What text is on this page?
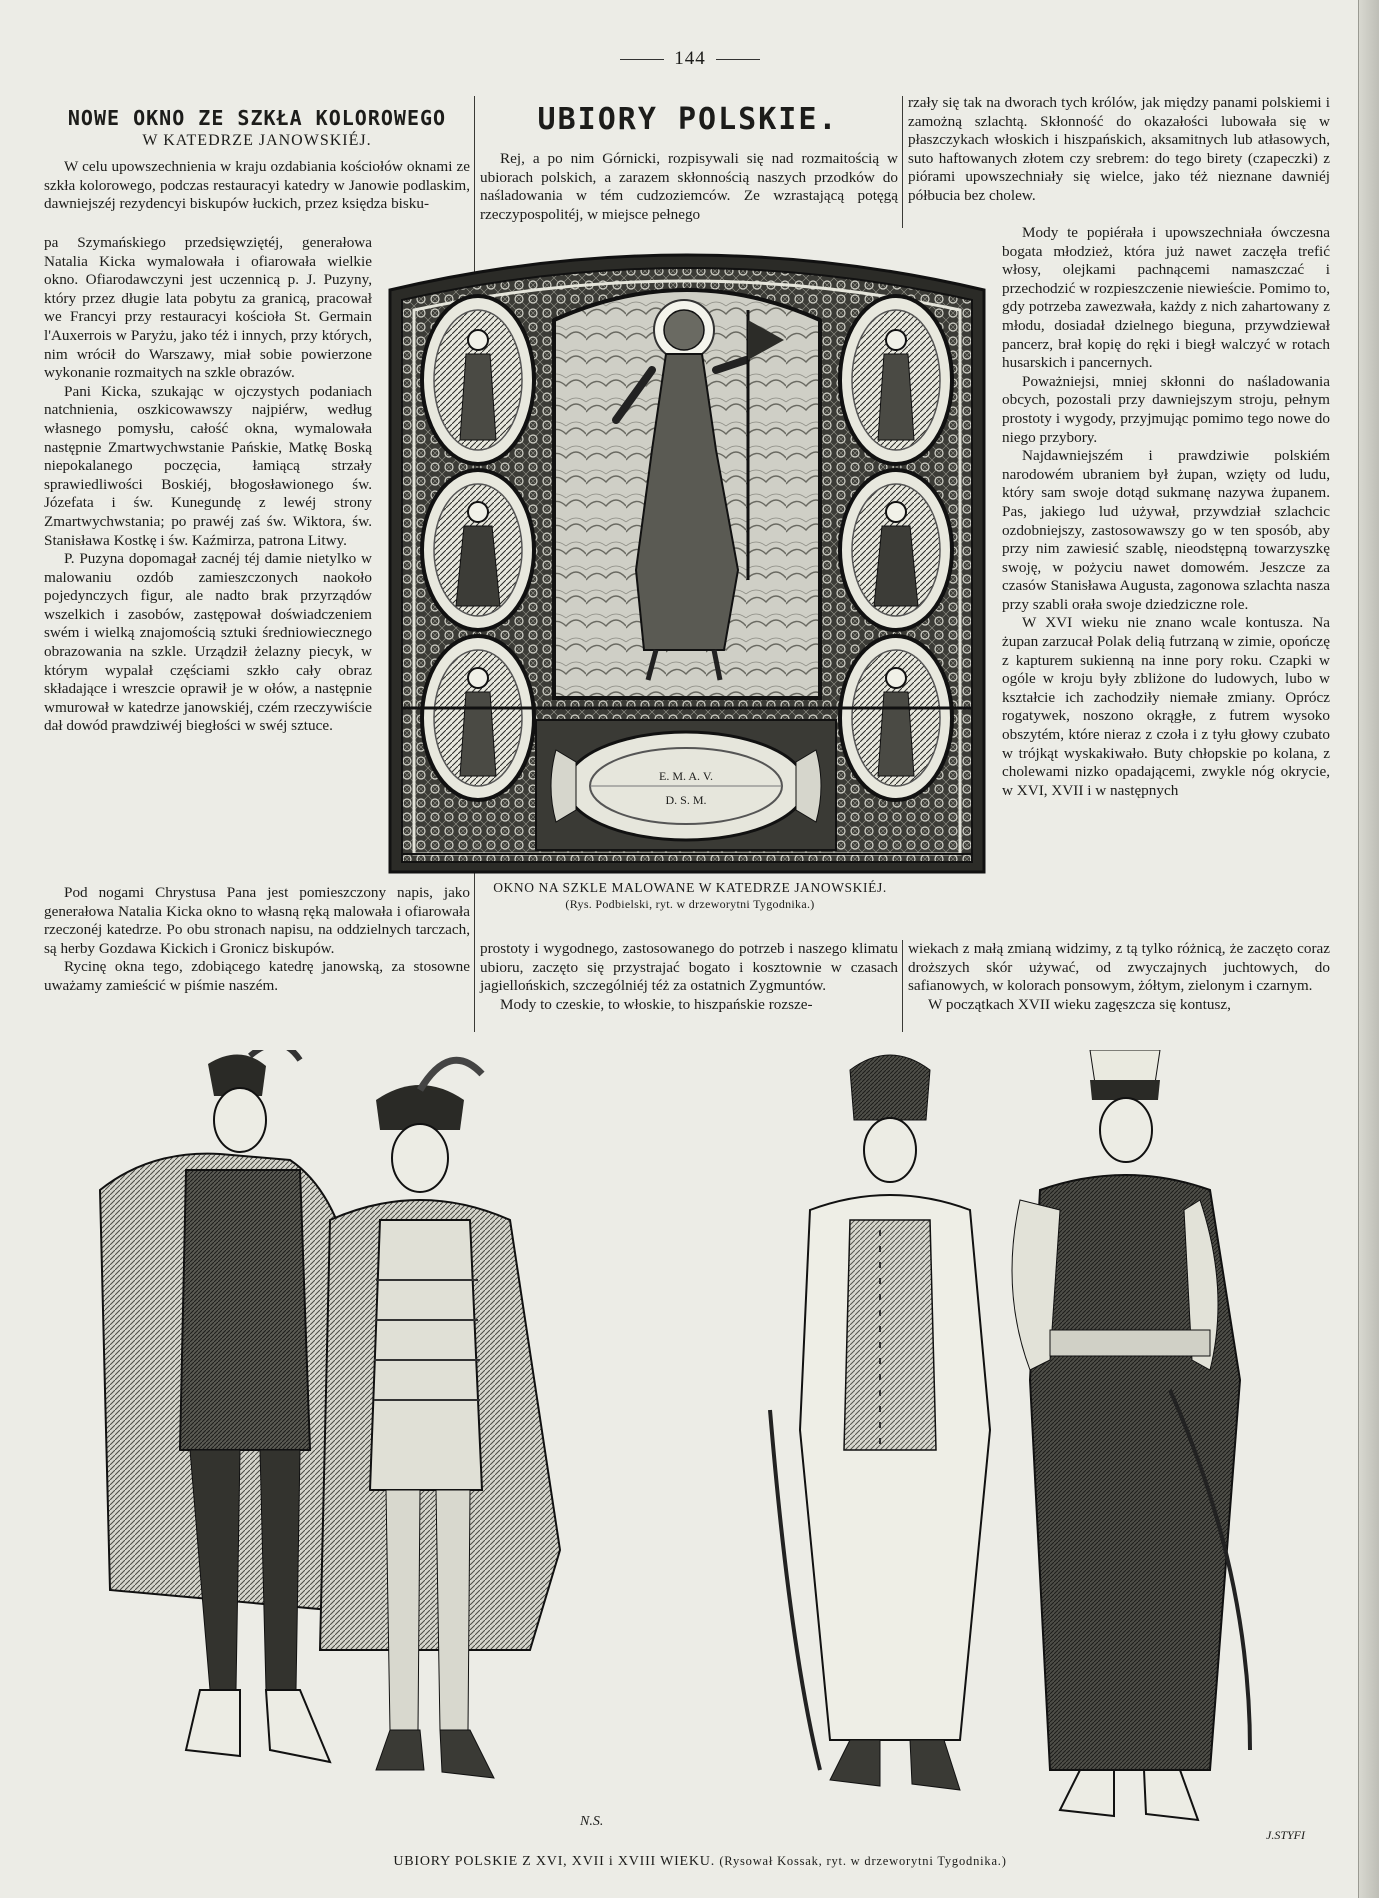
144
NOWE OKNO ZE SZKŁA KOLOROWEGO
W KATEDRZE JANOWSKIÉJ.

W celu upowszechnienia w kraju ozdabiania kościołów oknami ze szkła kolorowego, podczas restauracyi katedry w Janowie podlaskim, dawniejszéj rezydencyi biskupów łuckich, przez księdza bisku-

pa Szymańskiego przedsięwziętéj, generałowa Natalia Kicka wymalowała i ofiarowała wielkie okno. Ofiarodawczyni jest uczennicą p. J. Puzyny, który przez długie lata pobytu za granicą, pracował we Francyi przy restauracyi kościoła St. Germain l'Auxerrois w Paryżu, jako téż i innych, przy których, nim wrócił do Warszawy, miał sobie powierzone wykonanie rozmaitych na szkle obrazów.

Pani Kicka, szukając w ojczystych podaniach natchnienia, oszkicowawszy najpiérw, według własnego pomysłu, całość okna, wymalowała następnie Zmartwychwstanie Pańskie, Matkę Boską niepokalanego poczęcia, łamiącą strzały sprawiedliwości Boskiéj, błogosławionego św. Józefata i św. Kunegundę z lewéj strony Zmartwychwstania; po prawéj zaś św. Wiktora, św. Stanisława Kostkę i św. Kaźmirza, patrona Litwy.

P. Puzyna dopomagał zacnéj téj damie nietylko w malowaniu ozdób zamieszczonych naokoło pojedynczych figur, ale nadto brak przyrządów wszelkich i zasobów, zastępował doświadczeniem swém i wielką znajomością sztuki średniowiecznego obrazowania na szkle. Urządził żelazny piecyk, w którym wypalał częściami szkło cały obraz składające i wreszcie oprawił je w ołów, a następnie wmurował w katedrze janowskiéj, czém rzeczywiście dał dowód prawdziwéj biegłości w swéj sztuce.

Pod nogami Chrystusa Pana jest pomieszczony napis, jako generałowa Natalia Kicka okno to własną ręką malowała i ofiarowała rzeczonéj katedrze. Po obu stronach napisu, na oddzielnych tarczach, są herby Gozdawa Kickich i Gronicz biskupów.

Rycinę okna tego, zdobiącego katedrę janowską, za stosowne uważamy zamieścić w piśmie naszém.

UBIORY POLSKIE.

Rej, a po nim Górnicki, rozpisywali się nad rozmaitością w ubiorach polskich, a zarazem skłonnością naszych przodków do naśladowania w tém cudzoziemców. Ze wzrastającą potęgą rzeczypospolitéj, w miejsce pełnego

E. M. A. V.
D. S. M.
OKNO NA SZKLE MALOWANE W KATEDRZE JANOWSKIÉJ.
(Rys. Podbielski, ryt. w drzeworytni Tygodnika.)

prostoty i wygodnego, zastosowanego do potrzeb i naszego klimatu ubioru, zaczęto się przystrajać bogato i kosztownie w czasach jagiellońskich, szczególniéj téż za ostatnich Zygmuntów.

Mody to czeskie, to włoskie, to hiszpańskie rozsze-

rzały się tak na dworach tych królów, jak między panami polskiemi i zamożną szlachtą. Skłonność do okazałości lubowała się w płaszczykach włoskich i hiszpańskich, aksamitnych lub atłasowych, suto haftowanych złotem czy srebrem: do tego birety (czapeczki) z piórami upowszechniały się wielce, jako téż nieznane dawniéj półbucia bez cholew.

Mody te popiérała i upowszechniała ówczesna bogata młodzież, która już nawet zaczęła trefić włosy, olejkami pachnącemi namaszczać i przechodzić w rozpieszczenie niewieście. Pomimo to, gdy potrzeba zawezwała, każdy z nich zahartowany z młodu, dosiadał dzielnego bieguna, przywdziewał pancerz, brał kopię do ręki i biegł walczyć w rotach husarskich i pancernych.

Poważniejsi, mniej skłonni do naśladowania obcych, pozostali przy dawniejszym stroju, pełnym prostoty i wygody, przyjmując pomimo tego nowe do niego przybory.

Najdawniejszém i prawdziwie polskiém narodowém ubraniem był żupan, wzięty od ludu, który sam swoje dotąd sukmanę nazywa żupanem. Pas, jakiego lud używał, przywdział szlachcic ozdobniejszy, zastosowawszy go w ten sposób, aby przy nim zawiesić szablę, nieodstępną towarzyszkę swoję, w pożyciu nawet domowém. Jeszcze za czasów Stanisława Augusta, zagonowa szlachta nasza przy szabli orała swoje dziedziczne role.

W XVI wieku nie znano wcale kontusza. Na żupan zarzucał Polak delią futrzaną w zimie, opończę z kapturem sukienną na inne pory roku. Czapki w ogóle w kroju były zbliżone do ludowych, lubo w kształcie ich zachodziły niemałe zmiany. Oprócz rogatywek, noszono okrągłe, z futrem wysoko obszytém, które nieraz z czoła i z tyłu głowy czubato w trójkąt wyskakiwało. Buty chłopskie po kolana, z cholewami nizko opadającemi, zwykle nóg okrycie, w XVI, XVII i w następnych

wiekach z małą zmianą widzimy, z tą tylko różnicą, że zaczęto coraz droższych skór używać, od zwyczajnych juchtowych, do safianowych, w kolorach ponsowym, żółtym, zielonym i czarnym.

W początkach XVII wieku zagęszcza się kontusz,

N.S.
J.STYFI
UBIORY POLSKIE Z XVI, XVII i XVIII WIEKU. (Rysował Kossak, ryt. w drzeworytni Tygodnika.)
